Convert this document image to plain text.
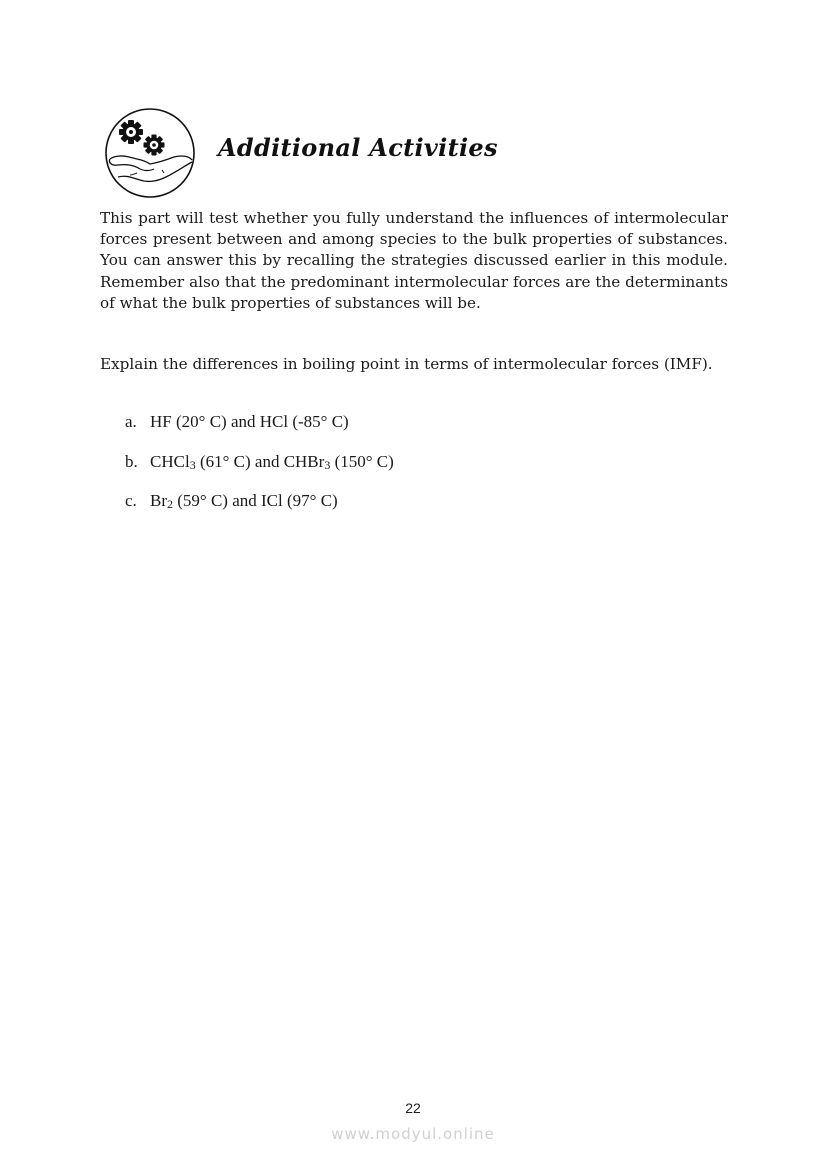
Additional Activities

This part will test whether you fully understand the influences of intermolecular forces present between and among species to the bulk properties of substances. You can answer this by recalling the strategies discussed earlier in this module. Remember also that the predominant intermolecular forces are the determinants of what the bulk properties of substances will be.

Explain the differences in boiling point in terms of intermolecular forces (IMF).

a. HF (20° C) and HCl (-85° C)
b. CHCl$_3$ (61° C) and CHBr$_3$ (150° C)
c. $Br_2$ (59° C) and ICl (97° C)
22
www.modyul.online
